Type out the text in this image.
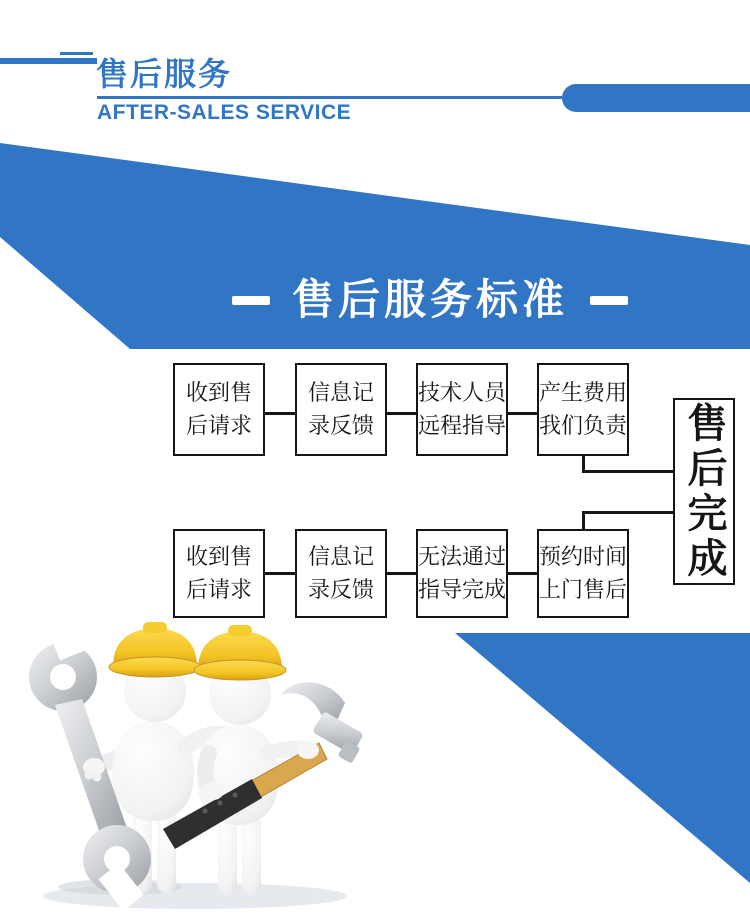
售后服务
AFTER-SALES SERVICE
售后服务标准
收到售
后请求
信息记
录反馈
技术人员
远程指导
产生费用
我们负责
收到售
后请求
信息记
录反馈
无法通过
指导完成
预约时间
上门售后
售后完成
